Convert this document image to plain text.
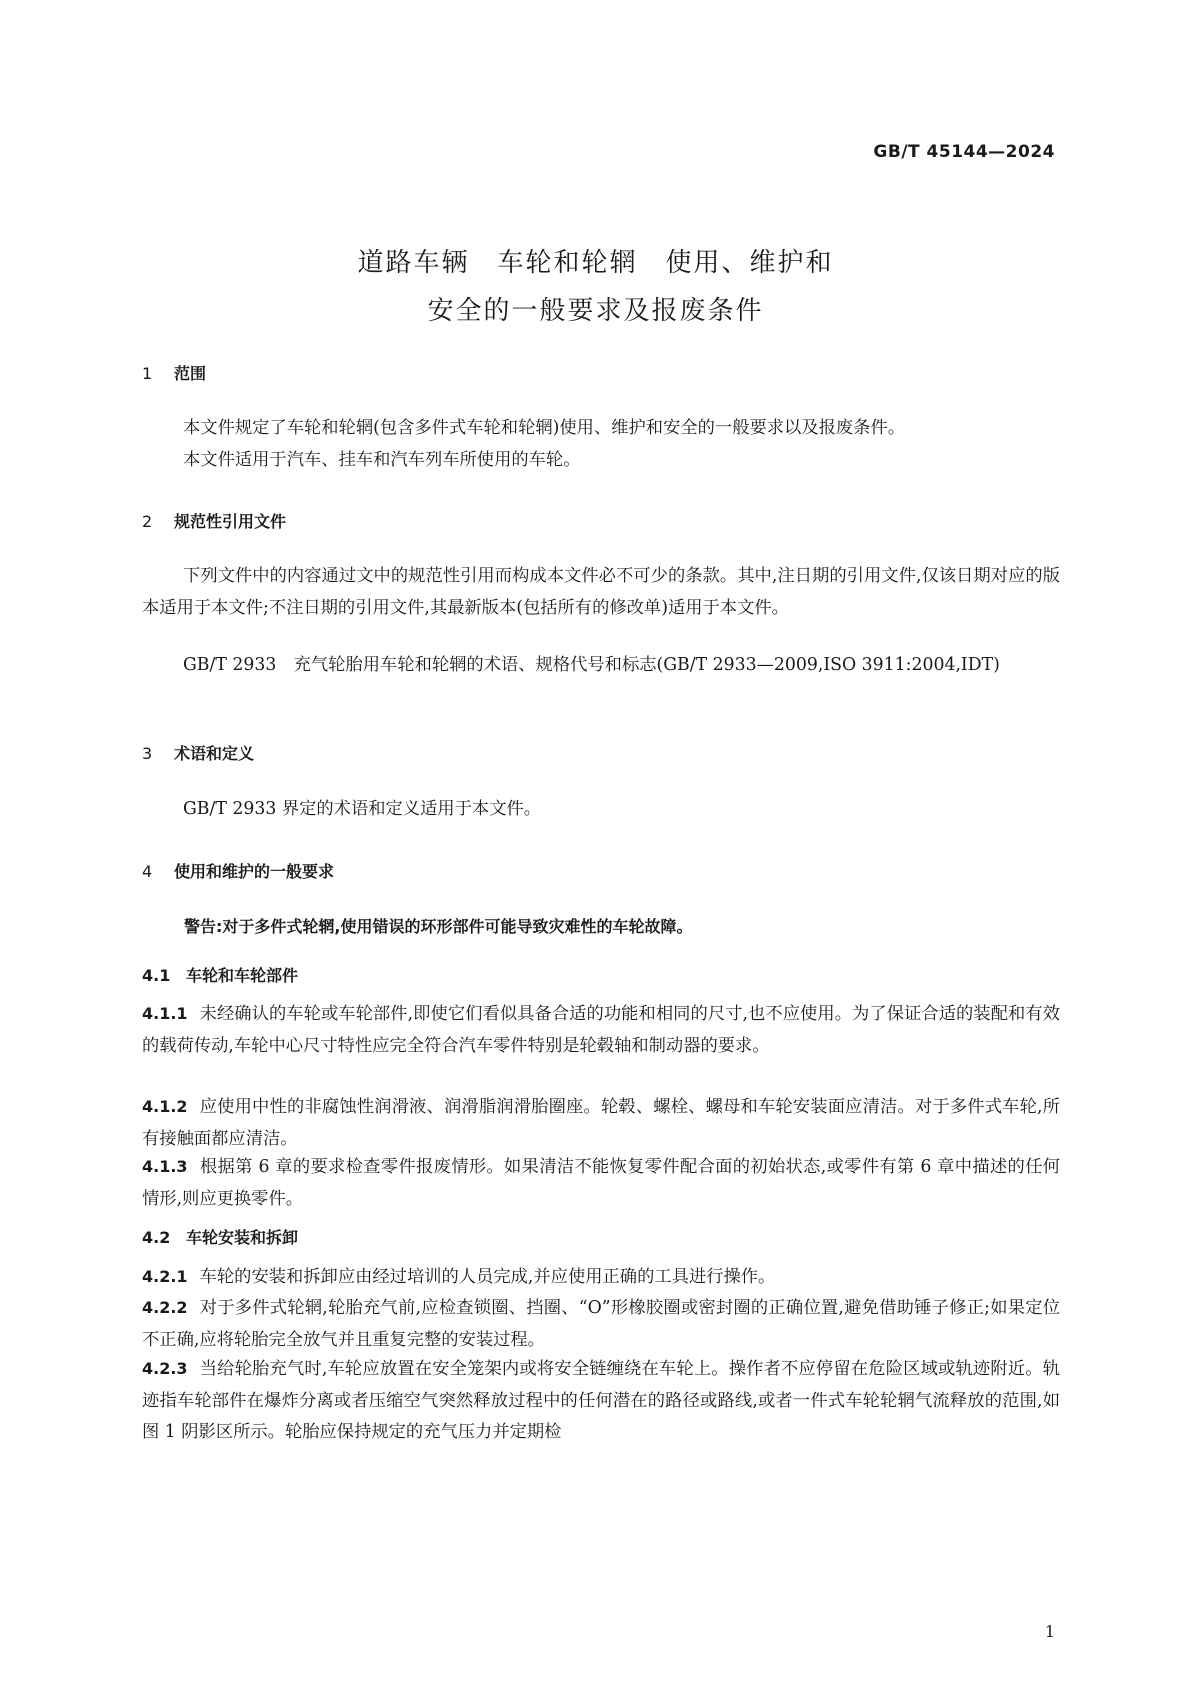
GB/T 45144—2024
道路车辆　车轮和轮辋　使用、维护和
安全的一般要求及报废条件
1 范围
本文件规定了车轮和轮辋(包含多件式车轮和轮辋)使用、维护和安全的一般要求以及报废条件。
本文件适用于汽车、挂车和汽车列车所使用的车轮。
2 规范性引用文件
下列文件中的内容通过文中的规范性引用而构成本文件必不可少的条款。其中,注日期的引用文件,仅该日期对应的版本适用于本文件;不注日期的引用文件,其最新版本(包括所有的修改单)适用于本文件。
GB/T 2933　充气轮胎用车轮和轮辋的术语、规格代号和标志(GB/T 2933—2009,ISO 3911:2004,IDT)
3 术语和定义
GB/T 2933 界定的术语和定义适用于本文件。
4 使用和维护的一般要求
警告:对于多件式轮辋,使用错误的环形部件可能导致灾难性的车轮故障。
4.1 车轮和车轮部件
4.1.1 未经确认的车轮或车轮部件,即使它们看似具备合适的功能和相同的尺寸,也不应使用。为了保证合适的装配和有效的载荷传动,车轮中心尺寸特性应完全符合汽车零件特别是轮毂轴和制动器的要求。
4.1.2 应使用中性的非腐蚀性润滑液、润滑脂润滑胎圈座。轮毂、螺栓、螺母和车轮安装面应清洁。对于多件式车轮,所有接触面都应清洁。
4.1.3 根据第 6 章的要求检查零件报废情形。如果清洁不能恢复零件配合面的初始状态,或零件有第 6 章中描述的任何情形,则应更换零件。
4.2 车轮安装和拆卸
4.2.1 车轮的安装和拆卸应由经过培训的人员完成,并应使用正确的工具进行操作。
4.2.2 对于多件式轮辋,轮胎充气前,应检查锁圈、挡圈、“O”形橡胶圈或密封圈的正确位置,避免借助锤子修正;如果定位不正确,应将轮胎完全放气并且重复完整的安装过程。
4.2.3 当给轮胎充气时,车轮应放置在安全笼架内或将安全链缠绕在车轮上。操作者不应停留在危险区域或轨迹附近。轨迹指车轮部件在爆炸分离或者压缩空气突然释放过程中的任何潜在的路径或路线,或者一件式车轮轮辋气流释放的范围,如图 1 阴影区所示。轮胎应保持规定的充气压力并定期检
1
